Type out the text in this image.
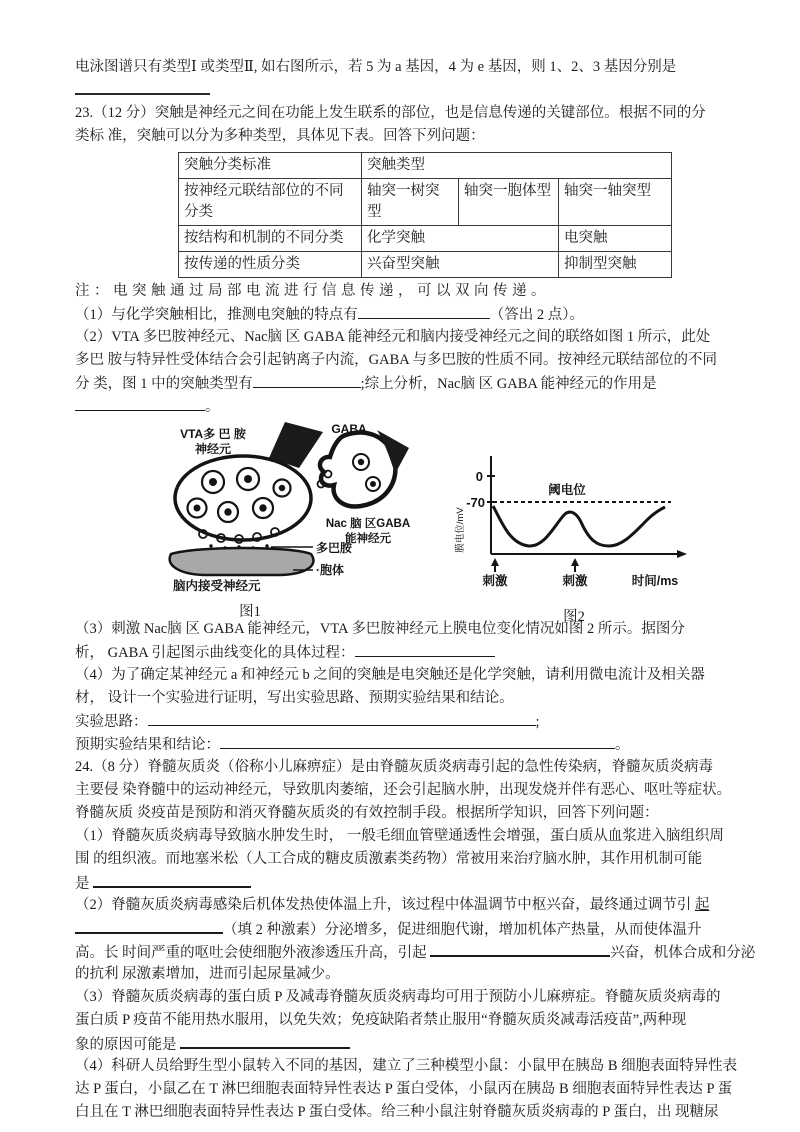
电泳图谱只有类型Ⅰ 或类型Ⅱ, 如右图所示，若 5 为 a 基因，4 为 e 基因，则 1、2、3 基因分别是
23.（12 分）突触是神经元之间在功能上发生联系的部位，也是信息传递的关键部位。根据不同的分
类标 准，突触可以分为多种类型，具体见下表。回答下列问题：
突触分类标准	突触类型		
按神经元联结部位的不同分类	轴突一树突型	轴突一胞体型	轴突一轴突型
按结构和机制的不同分类	化学突触		电突触
按传递的性质分类	兴奋型突触		抑制型突触
注：电突触通过局部电流进行信息传递，可以双向传递。
（1）与化学突触相比，推测电突触的特点有	（答出 2 点）。
（2）VTA 多巴胺神经元、Nac脑 区 GABA 能神经元和脑内接受神经元之间的联络如图 1 所示，此处
多巴 胺与特异性受体结合会引起钠离子内流，GABA 与多巴胺的性质不同。按神经元联结部位的不同
分 类，图 1 中的突触类型有	;综上分析，Nac脑 区 GABA 能神经元的作用是
。
VTA多 巴 胺
神经元
GABA
Nac 脑 区GABA
能神经元
多巴胺
·胞体
脑内接受神经元
图1
0
-70
阈电位
刺激	刺激	时间/ms
膜电位/mV
图2
（3）刺激 Nac脑 区 GABA 能神经元，VTA 多巴胺神经元上膜电位变化情况如图 2 所示。据图分
析， GABA 引起图示曲线变化的具体过程：
（4）为了确定某神经元 a 和神经元 b 之间的突触是电突触还是化学突触，请利用微电流计及相关器
材， 设计一个实验进行证明，写出实验思路、预期实验结果和结论。
实验思路：	;
预期实验结果和结论：	。
24.（8 分）脊髓灰质炎（俗称小儿麻痹症）是由脊髓灰质炎病毒引起的急性传染病，脊髓灰质炎病毒
主要侵 染脊髓中的运动神经元，导致肌肉萎缩，还会引起脑水肿，出现发烧并伴有恶心、呕吐等症状。
脊髓灰质 炎疫苗是预防和消灭脊髓灰质炎的有效控制手段。根据所学知识，回答下列问题：
（1）脊髓灰质炎病毒导致脑水肿发生时， 一般毛细血管壁通透性会增强，蛋白质从血浆进入脑组织周
围 的组织液。而地塞米松（人工合成的糖皮质激素类药物）常被用来治疗脑水肿，其作用机制可能
是
（2）脊髓灰质炎病毒感染后机体发热使体温上升，该过程中体温调节中枢兴奋，最终通过调节引 起
（填 2 种激素）分泌增多，促进细胞代谢，增加机体产热量，从而使体温升
高。长 时间严重的呕吐会使细胞外液渗透压升高，引起	兴奋，机体合成和分泌
的抗利 尿激素增加，进而引起尿量减少。
（3）脊髓灰质炎病毒的蛋白质 P 及减毒脊髓灰质炎病毒均可用于预防小儿麻痹症。脊髓灰质炎病毒的
蛋白质 P 疫苗不能用热水服用，以免失效；免疫缺陷者禁止服用“脊髓灰质炎减毒活疫苗”,两种现
象的原因可能是
（4）科研人员给野生型小鼠转入不同的基因，建立了三种模型小鼠：小鼠甲在胰岛 B 细胞表面特异性表
达 P 蛋白，小鼠乙在 T 淋巴细胞表面特异性表达 P 蛋白受体，小鼠丙在胰岛 B 细胞表面特异性表达 P 蛋
白且在 T 淋巴细胞表面特异性表达 P 蛋白受体。给三种小鼠注射脊髓灰质炎病毒的 P 蛋白，出 现糖尿
